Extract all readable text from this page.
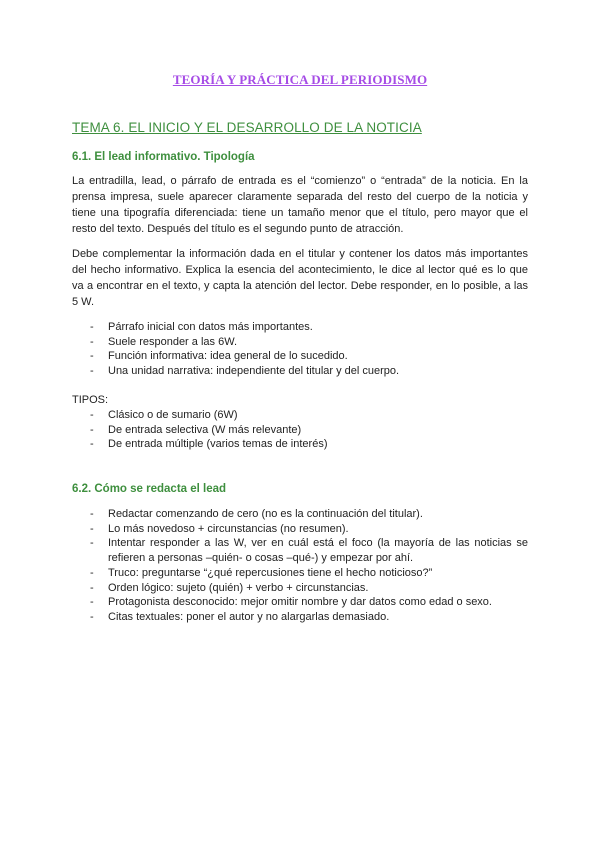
TEORÍA Y PRÁCTICA DEL PERIODISMO
TEMA 6. EL INICIO Y EL DESARROLLO DE LA NOTICIA
6.1. El lead informativo. Tipología

La entradilla, lead, o párrafo de entrada es el “comienzo” o “entrada” de la noticia. En la prensa impresa, suele aparecer claramente separada del resto del cuerpo de la noticia y tiene una tipografía diferenciada: tiene un tamaño menor que el título, pero mayor que el resto del texto. Después del título es el segundo punto de atracción.

Debe complementar la información dada en el titular y contener los datos más importantes del hecho informativo. Explica la esencia del acontecimiento, le dice al lector qué es lo que va a encontrar en el texto, y capta la atención del lector. Debe responder, en lo posible, a las 5 W.

- Párrafo inicial con datos más importantes.
- Suele responder a las 6W.
- Función informativa: idea general de lo sucedido.
- Una unidad narrativa: independiente del titular y del cuerpo.
TIPOS:
- Clásico o de sumario (6W)
- De entrada selectiva (W más relevante)
- De entrada múltiple (varios temas de interés)
6.2. Cómo se redacta el lead
- Redactar comenzando de cero (no es la continuación del titular).
- Lo más novedoso + circunstancias (no resumen).
- Intentar responder a las W, ver en cuál está el foco (la mayoría de las noticias se refieren a personas –quién- o cosas –qué-) y empezar por ahí.
- Truco: preguntarse “¿qué repercusiones tiene el hecho noticioso?”
- Orden lógico: sujeto (quién) + verbo + circunstancias.
- Protagonista desconocido: mejor omitir nombre y dar datos como edad o sexo.
- Citas textuales: poner el autor y no alargarlas demasiado.
